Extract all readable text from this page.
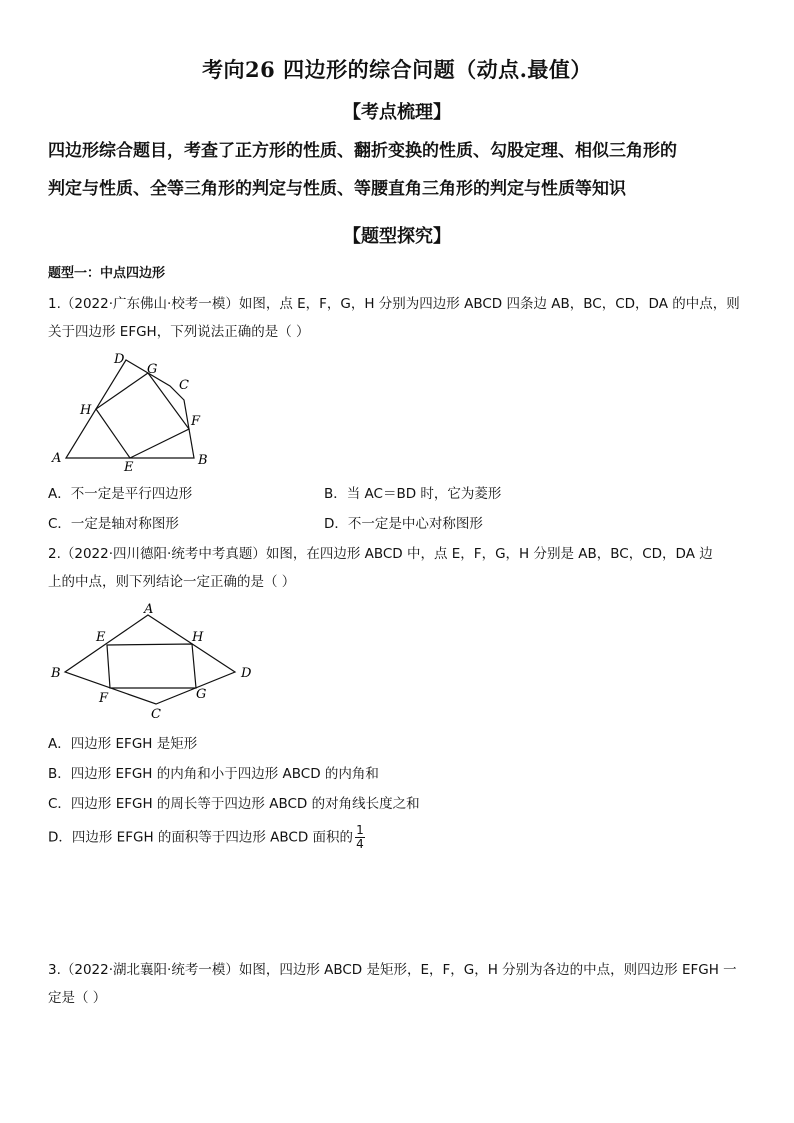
考向26 四边形的综合问题（动点.最值）
【考点梳理】
四边形综合题目，考查了正方形的性质、翻折变换的性质、勾股定理、相似三角形的
判定与性质、全等三角形的判定与性质、等腰直角三角形的判定与性质等知识
【题型探究】
题型一：中点四边形
1.（2022·广东佛山·校考一模）如图，点 E，F，G，H 分别为四边形 ABCD 四条边 AB，BC，CD，DA 的中点，则
关于四边形 EFGH，下列说法正确的是（ ）
A	B
C
D
E
F
G
H
A．不一定是平行四边形	B．当 AC＝BD 时，它为菱形
C．一定是轴对称图形	D．不一定是中心对称图形
2.（2022·四川德阳·统考中考真题）如图，在四边形 ABCD 中，点 E，F，G，H 分别是 AB，BC，CD，DA 边
上的中点，则下列结论一定正确的是（ ）
A
B
C
D
E
F	G
H
A．四边形 EFGH 是矩形
B．四边形 EFGH 的内角和小于四边形 ABCD 的内角和
C．四边形 EFGH 的周长等于四边形 ABCD 的对角线长度之和
D．四边形 EFGH 的面积等于四边形 ABCD 面积的 $\frac{1}{4}$
3.（2022·湖北襄阳·统考一模）如图，四边形 ABCD 是矩形，E，F，G，H 分别为各边的中点，则四边形 EFGH 一
定是（ ）
